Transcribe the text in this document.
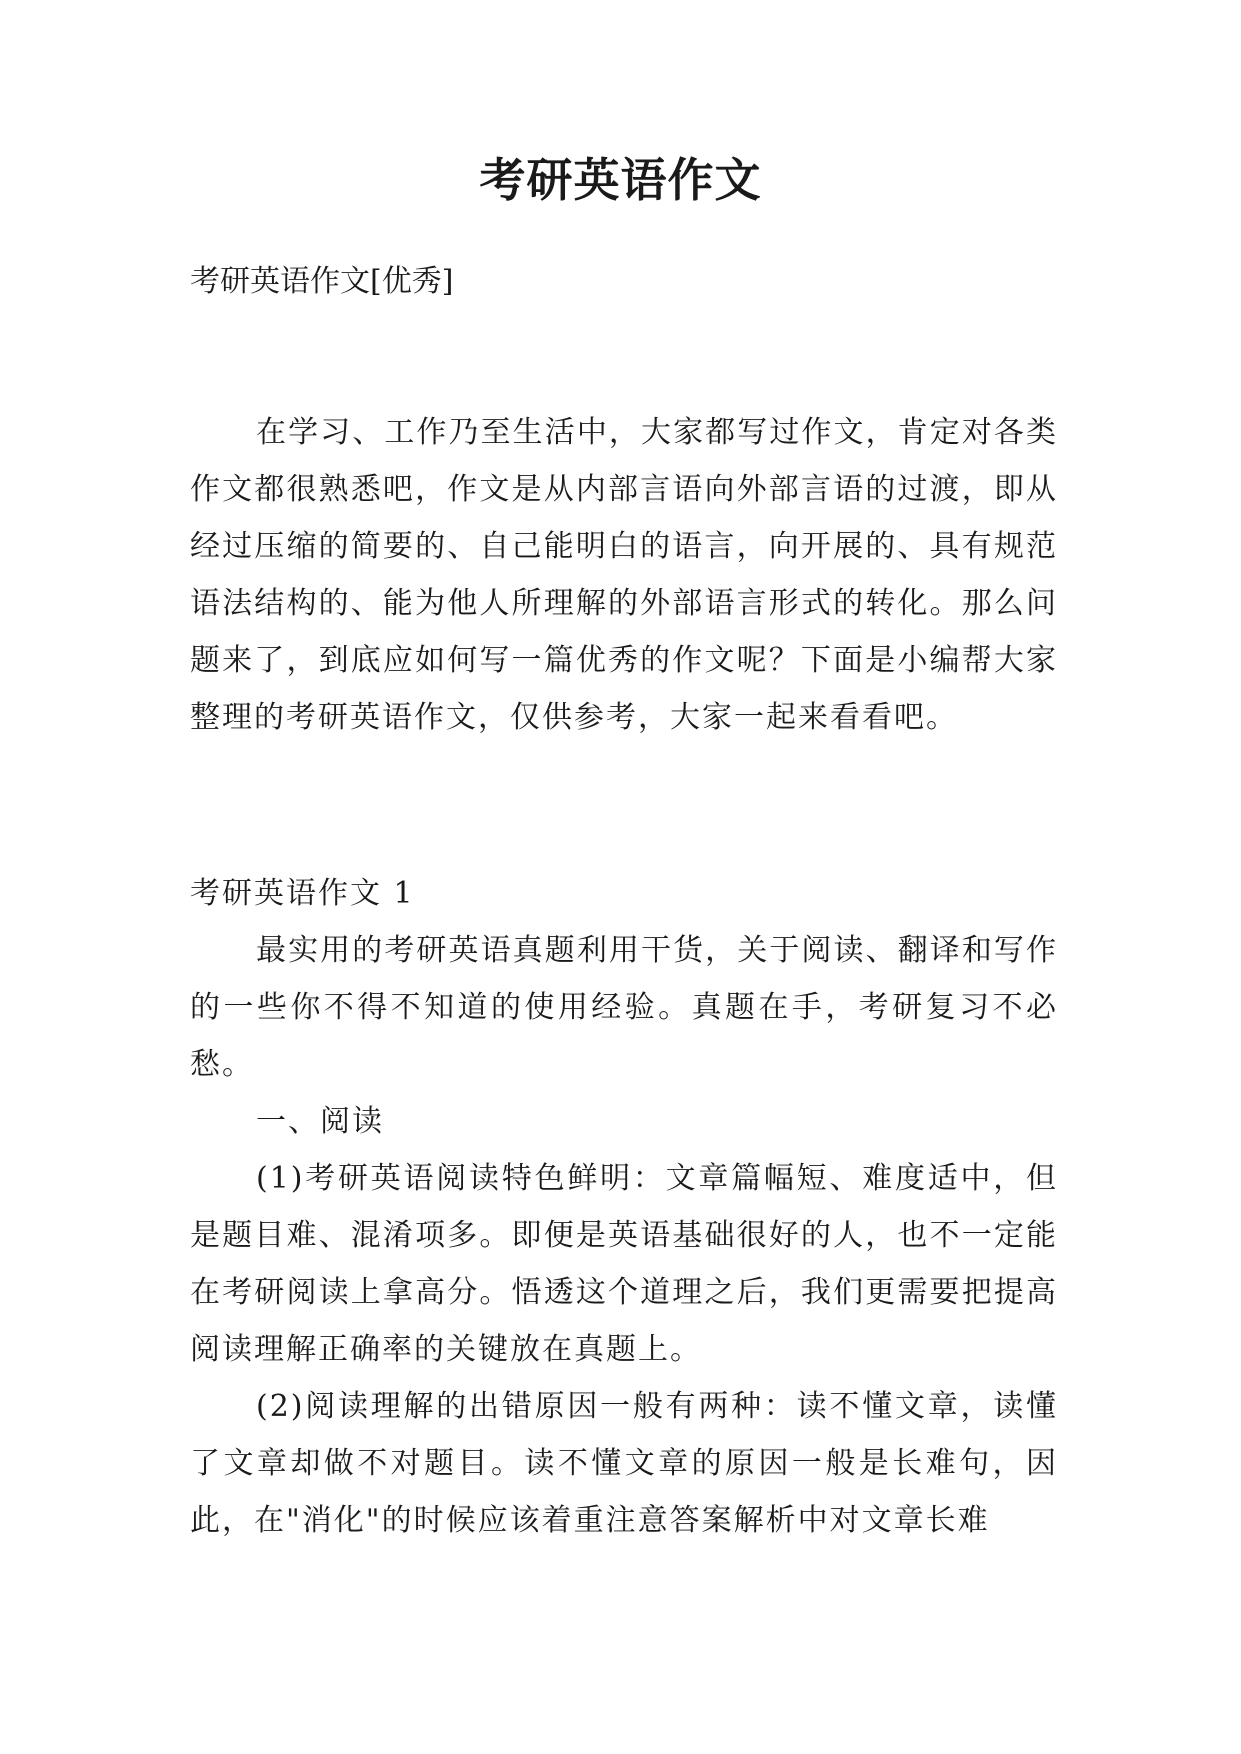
考研英语作文
考研英语作文[优秀]

在学习、工作乃至生活中，大家都写过作文，肯定对各类作文都很熟悉吧，作文是从内部言语向外部言语的过渡，即从经过压缩的简要的、自己能明白的语言，向开展的、具有规范语法结构的、能为他人所理解的外部语言形式的转化。那么问题来了，到底应如何写一篇优秀的作文呢？下面是小编帮大家整理的考研英语作文，仅供参考，大家一起来看看吧。

考研英语作文 1

最实用的考研英语真题利用干货，关于阅读、翻译和写作的一些你不得不知道的使用经验。真题在手，考研复习不必愁。

一、阅读

(1)考研英语阅读特色鲜明：文章篇幅短、难度适中，但是题目难、混淆项多。即便是英语基础很好的人，也不一定能在考研阅读上拿高分。悟透这个道理之后，我们更需要把提高阅读理解正确率的关键放在真题上。

(2)阅读理解的出错原因一般有两种：读不懂文章，读懂了文章却做不对题目。读不懂文章的原因一般是长难句，因此，在"消化"的时候应该着重注意答案解析中对文章长难
